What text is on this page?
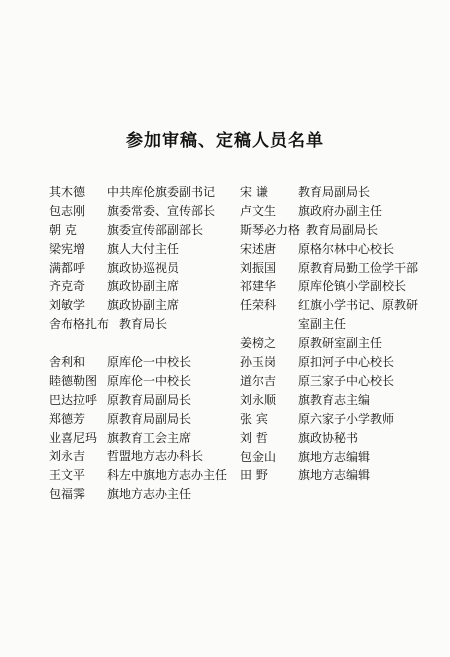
参加审稿、定稿人员名单
其木德	中共库伦旗委副书记
包志刚	旗委常委、宣传部长
朝 克	旗委宣传部副部长
梁宪增	旗人大付主任
满都呼	旗政协巡视员
齐克奇	旗政协副主席
刘敏学	旗政协副主席
舍布格扎布 教育局长
舍利和	原库伦一中校长
睦德勒图 原库伦一中校长
巴达拉呼 原教育局副局长
郑德芳	原教育局副局长
业喜尼玛 旗教育工会主席
刘永吉	哲盟地方志办科长
王文平	科左中旗地方志办主任
包福霁	旗地方志办主任
宋 谦	教育局副局长
卢文生	旗政府办副主任
斯琴必力格 教育局副局长
宋述唐	原格尔林中心校长
刘振国	原教育局勤工俭学干部
祁建华	原库伦镇小学副校长
任荣科	红旗小学书记、原教研室副主任
姜榜之	原教研室副主任
孙玉岗	原扣河子中心校长
道尔吉	原三家子中心校长
刘永顺	旗教育志主编
张 宾	原六家子小学教师
刘 哲	旗政协秘书
包金山	旗地方志编辑
田 野	旗地方志编辑
